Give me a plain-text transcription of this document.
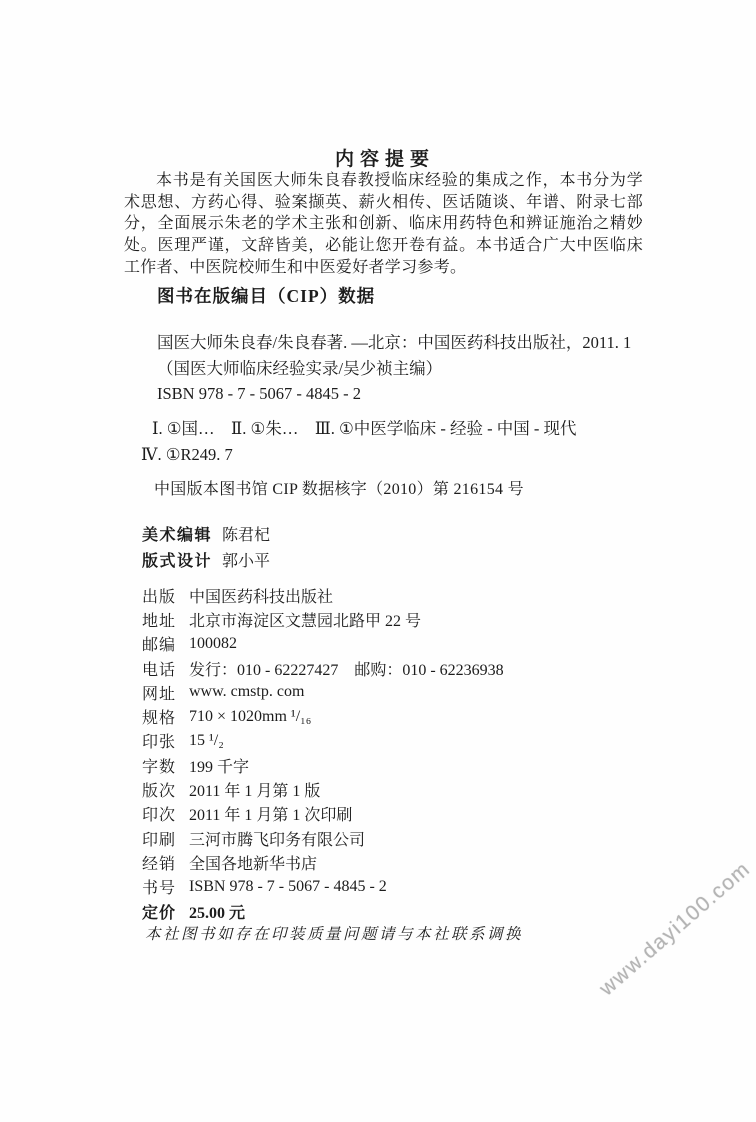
内容提要
本书是有关国医大师朱良春教授临床经验的集成之作，本书分为学术思想、方药心得、验案撷英、薪火相传、医话随谈、年谱、附录七部分，全面展示朱老的学术主张和创新、临床用药特色和辨证施治之精妙处。医理严谨，文辞皆美，必能让您开卷有益。本书适合广大中医临床工作者、中医院校师生和中医爱好者学习参考。
图书在版编目（CIP）数据
国医大师朱良春/朱良春著. —北京：中国医药科技出版社，2011. 1
（国医大师临床经验实录/吴少祯主编）
ISBN 978 - 7 - 5067 - 4845 - 2
Ⅰ. ①国…　Ⅱ. ①朱…　Ⅲ. ①中医学临床 - 经验 - 中国 - 现代
Ⅳ. ①R249. 7
中国版本图书馆 CIP 数据核字（2010）第 216154 号
美术编辑 陈君杞
版式设计 郭小平
出版 中国医药科技出版社
地址 北京市海淀区文慧园北路甲 22 号
邮编 100082
电话 发行：010 - 62227427　邮购：010 - 62236938
网址 www. cmstp. com
规格 710 × 1020mm ¹/₁₆
印张 15 ¹/₂
字数 199 千字
版次 2011 年 1 月第 1 版
印次 2011 年 1 月第 1 次印刷
印刷 三河市腾飞印务有限公司
经销 全国各地新华书店
书号 ISBN 978 - 7 - 5067 - 4845 - 2
定价 25.00 元
本社图书如存在印装质量问题请与本社联系调换	www.dayi100.com
